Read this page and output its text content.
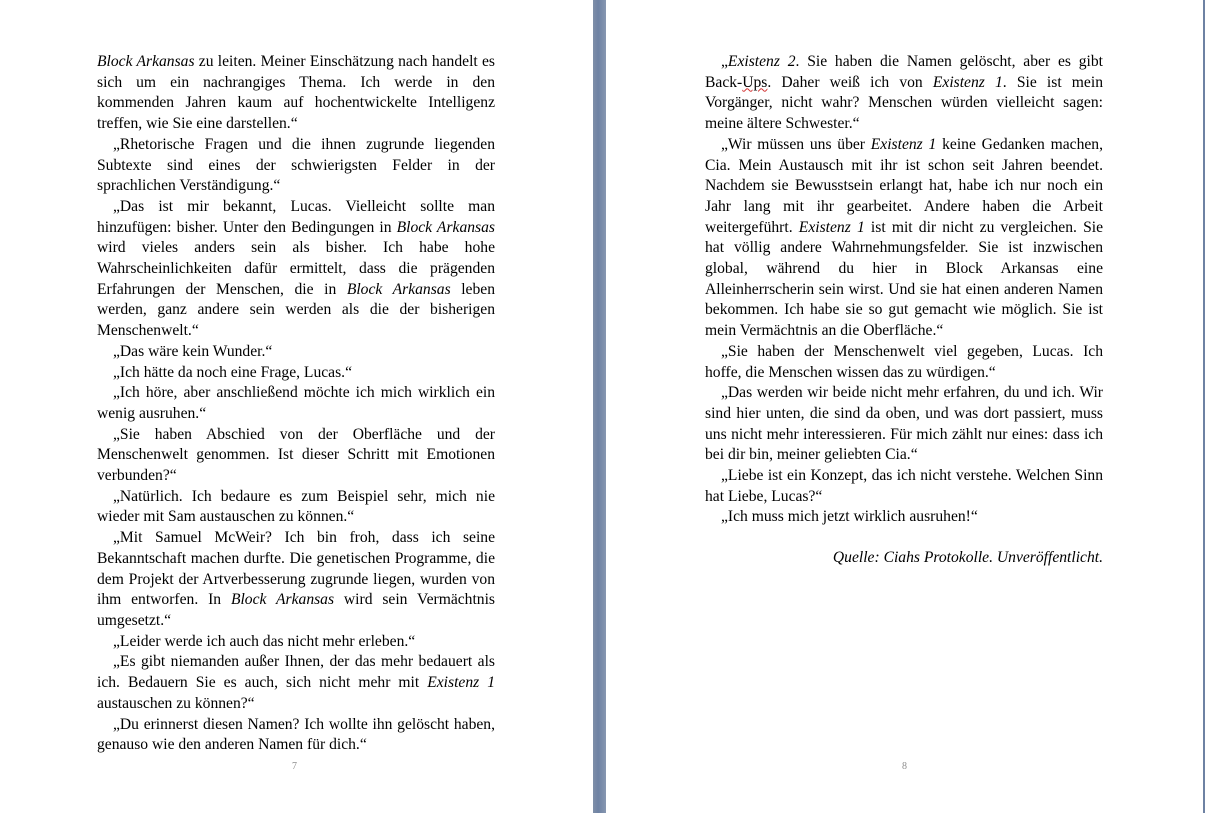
Block Arkansas zu leiten. Meiner Einschätzung nach handelt es sich um ein nachrangiges Thema. Ich werde in den kommenden Jahren kaum auf hochentwickelte Intelligenz treffen, wie Sie eine darstellen.“

„Rhetorische Fragen und die ihnen zugrunde liegenden Subtexte sind eines der schwierigsten Felder in der sprachlichen Verständigung.“

„Das ist mir bekannt, Lucas. Vielleicht sollte man hinzufügen: bisher. Unter den Bedingungen in Block Arkansas wird vieles anders sein als bisher. Ich habe hohe Wahrscheinlichkeiten dafür ermittelt, dass die prägenden Erfahrungen der Menschen, die in Block Arkansas leben werden, ganz andere sein werden als die der bisherigen Menschenwelt.“

„Das wäre kein Wunder.“

„Ich hätte da noch eine Frage, Lucas.“

„Ich höre, aber anschließend möchte ich mich wirklich ein wenig ausruhen.“

„Sie haben Abschied von der Oberfläche und der Menschenwelt genommen. Ist dieser Schritt mit Emotionen verbunden?“

„Natürlich. Ich bedaure es zum Beispiel sehr, mich nie wieder mit Sam austauschen zu können.“

„Mit Samuel McWeir? Ich bin froh, dass ich seine Bekanntschaft machen durfte. Die genetischen Programme, die dem Projekt der Artverbesserung zugrunde liegen, wurden von ihm entworfen. In Block Arkansas wird sein Vermächtnis umgesetzt.“

„Leider werde ich auch das nicht mehr erleben.“

„Es gibt niemanden außer Ihnen, der das mehr bedauert als ich. Bedauern Sie es auch, sich nicht mehr mit Existenz 1 austauschen zu können?“

„Du erinnerst diesen Namen? Ich wollte ihn gelöscht haben, genauso wie den anderen Namen für dich.“

7

„Existenz 2. Sie haben die Namen gelöscht, aber es gibt Back-Ups. Daher weiß ich von Existenz 1. Sie ist mein Vorgänger, nicht wahr? Menschen würden vielleicht sagen: meine ältere Schwester.“

„Wir müssen uns über Existenz 1 keine Gedanken machen, Cia. Mein Austausch mit ihr ist schon seit Jahren beendet. Nachdem sie Bewusstsein erlangt hat, habe ich nur noch ein Jahr lang mit ihr gearbeitet. Andere haben die Arbeit weitergeführt. Existenz 1 ist mit dir nicht zu vergleichen. Sie hat völlig andere Wahrnehmungsfelder. Sie ist inzwischen global, während du hier in Block Arkansas eine Alleinherrscherin sein wirst. Und sie hat einen anderen Namen bekommen. Ich habe sie so gut gemacht wie möglich. Sie ist mein Vermächtnis an die Oberfläche.“

„Sie haben der Menschenwelt viel gegeben, Lucas. Ich hoffe, die Menschen wissen das zu würdigen.“

„Das werden wir beide nicht mehr erfahren, du und ich. Wir sind hier unten, die sind da oben, und was dort passiert, muss uns nicht mehr interessieren. Für mich zählt nur eines: dass ich bei dir bin, meiner geliebten Cia.“

„Liebe ist ein Konzept, das ich nicht verstehe. Welchen Sinn hat Liebe, Lucas?“

„Ich muss mich jetzt wirklich ausruhen!“

Quelle: Ciahs Protokolle. Unveröffentlicht.

8
